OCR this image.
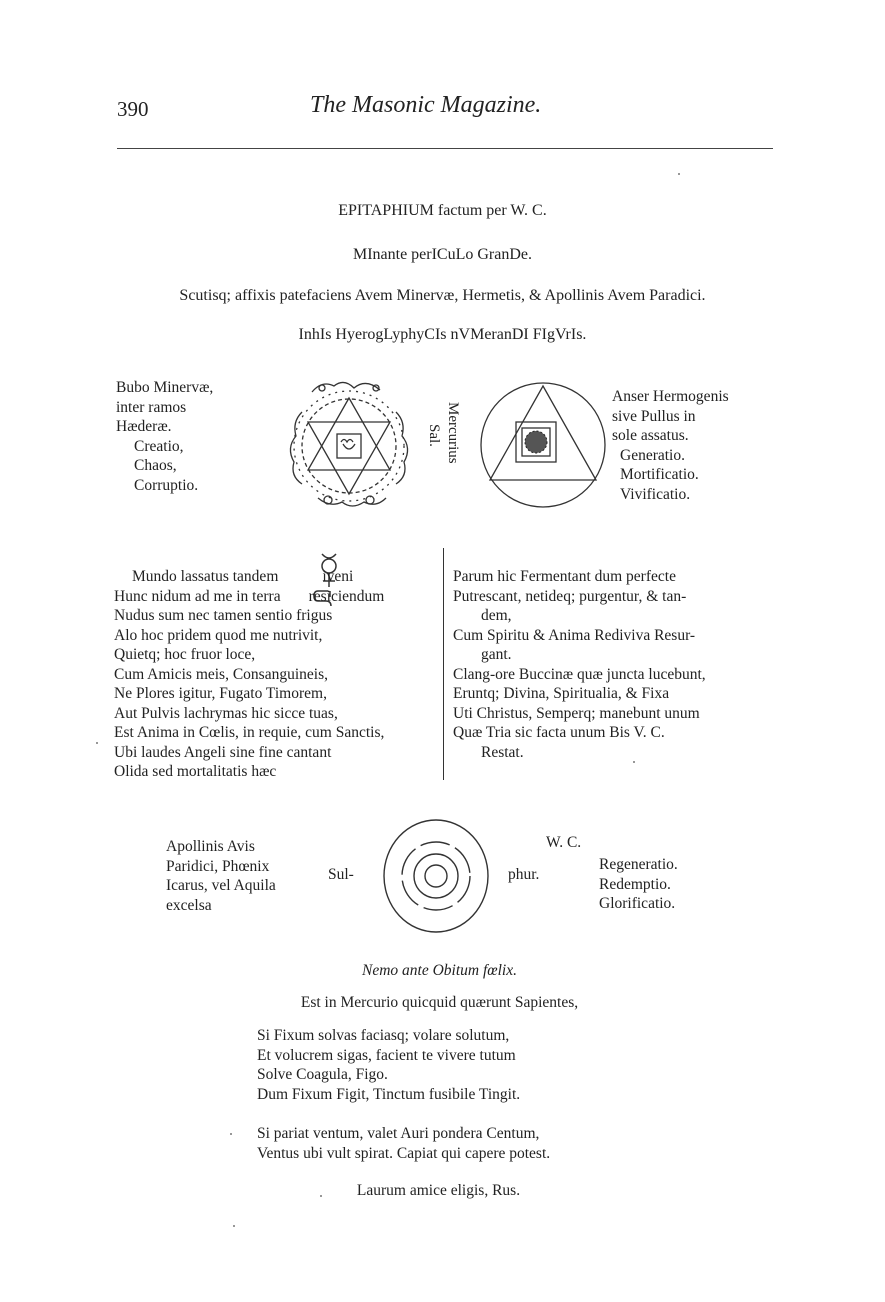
390	The Masonic Magazine.
EPITAPHIUM factum per W. C.
MInante perICuLo GranDe.
Scutisq; affixis patefaciens Avem Minervæ, Hermetis, & Apollinis Avem Paradici.
InhIs HyerogLyphyCIs nVMeranDI FIgVrIs.
Bubo Minervæ,
inter ramos
Hæderæ.
Creatio,
Chaos,
Corruptio.
Mercurius
Sal.
Anser Hermogenis
sive Pullus in
sole assatus.
Generatio.
Mortificatio.
Vivificatio.
Mundo lassatus tandem	iveni
Hunc nidum ad me in terra resiciendum
Nudus sum nec tamen sentio frigus
Alo hoc pridem quod me nutrivit,
Quietq; hoc fruor loce,
Cum Amicis meis, Consanguineis,
Ne Plores igitur, Fugato Timorem,
Aut Pulvis lachrymas hic sicce tuas,
Est Anima in Cœlis, in requie, cum Sanctis,
Ubi laudes Angeli sine fine cantant
Olida sed mortalitatis hæc
Parum hic Fermentant dum perfecte
Putrescant, netideq; purgentur, & tan-
dem,
Cum Spiritu & Anima Rediviva Resur-
gant.
Clang-ore Buccinæ quæ juncta lucebunt,
Eruntq; Divina, Spiritualia, & Fixa
Uti Christus, Semperq; manebunt unum
Quæ Tria sic facta unum Bis V. C.
Restat.
Apollinis Avis
Paridici, Phœnix
Icarus, vel Aquila
excelsa
Sul-	phur.
W. C.
Regeneratio.
Redemptio.
Glorificatio.
Nemo ante Obitum fœlix.
Est in Mercurio quicquid quærunt Sapientes,
Si Fixum solvas faciasq; volare solutum,
Et volucrem sigas, facient te vivere tutum
Solve Coagula, Figo.
Dum Fixum Figit, Tinctum fusibile Tingit.
Si pariat ventum, valet Auri pondera Centum,
Ventus ubi vult spirat. Capiat qui capere potest.
Laurum amice eligis, Rus.
